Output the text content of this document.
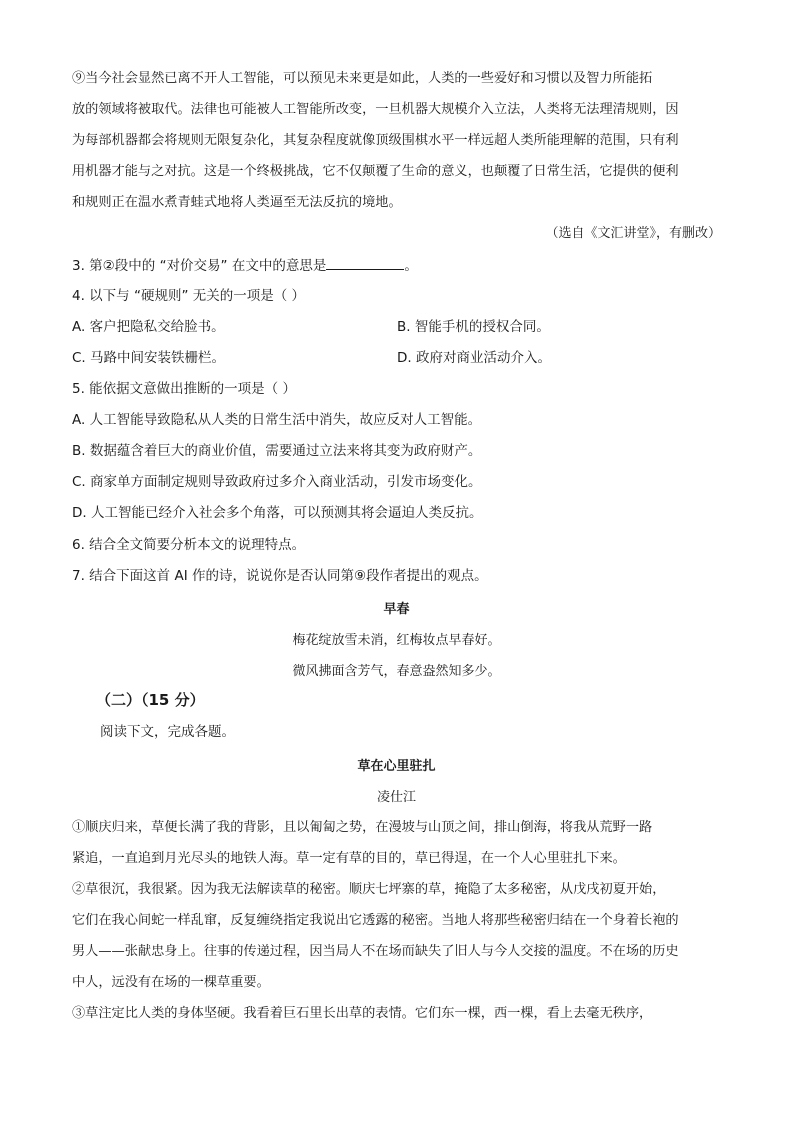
⑨当今社会显然已离不开人工智能，可以预见未来更是如此，人类的一些爱好和习惯以及智力所能拓
放的领域将被取代。法律也可能被人工智能所改变，一旦机器大规模介入立法，人类将无法理清规则，因
为每部机器都会将规则无限复杂化，其复杂程度就像顶级围棋水平一样远超人类所能理解的范围，只有利
用机器才能与之对抗。这是一个终极挑战，它不仅颠覆了生命的意义，也颠覆了日常生活，它提供的便利
和规则正在温水煮青蛙式地将人类逼至无法反抗的境地。
（选自《文汇讲堂》，有删改）
3. 第②段中的 “对价交易” 在文中的意思是	。
4. 以下与 “硬规则” 无关的一项是（ ）
A. 客户把隐私交给脸书。	B. 智能手机的授权合同。
C. 马路中间安装铁栅栏。	D. 政府对商业活动介入。
5. 能依据文意做出推断的一项是（ ）
A. 人工智能导致隐私从人类的日常生活中消失，故应反对人工智能。
B. 数据蕴含着巨大的商业价值，需要通过立法来将其变为政府财产。
C. 商家单方面制定规则导致政府过多介入商业活动，引发市场变化。
D. 人工智能已经介入社会多个角落，可以预测其将会逼迫人类反抗。
6. 结合全文简要分析本文的说理特点。
7. 结合下面这首 AI 作的诗，说说你是否认同第⑨段作者提出的观点。
早春
梅花绽放雪未消，红梅妆点早春好。
微风拂面含芳气，春意盎然知多少。
（二）（15 分）
阅读下文，完成各题。
草在心里驻扎
凌仕江
①顺庆归来，草便长满了我的背影，且以匍匐之势，在漫坡与山顶之间，排山倒海，将我从荒野一路
紧追，一直追到月光尽头的地铁人海。草一定有草的目的，草已得逞，在一个人心里驻扎下来。
②草很沉，我很紧。因为我无法解读草的秘密。顺庆七坪寨的草，掩隐了太多秘密，从戊戌初夏开始，
它们在我心间蛇一样乱窜，反复缠绕指定我说出它透露的秘密。当地人将那些秘密归结在一个身着长袍的
男人——张献忠身上。往事的传递过程，因当局人不在场而缺失了旧人与今人交接的温度。不在场的历史
中人，远没有在场的一棵草重要。
③草注定比人类的身体坚硬。我看着巨石里长出草的表情。它们东一棵，西一棵，看上去毫无秩序，
